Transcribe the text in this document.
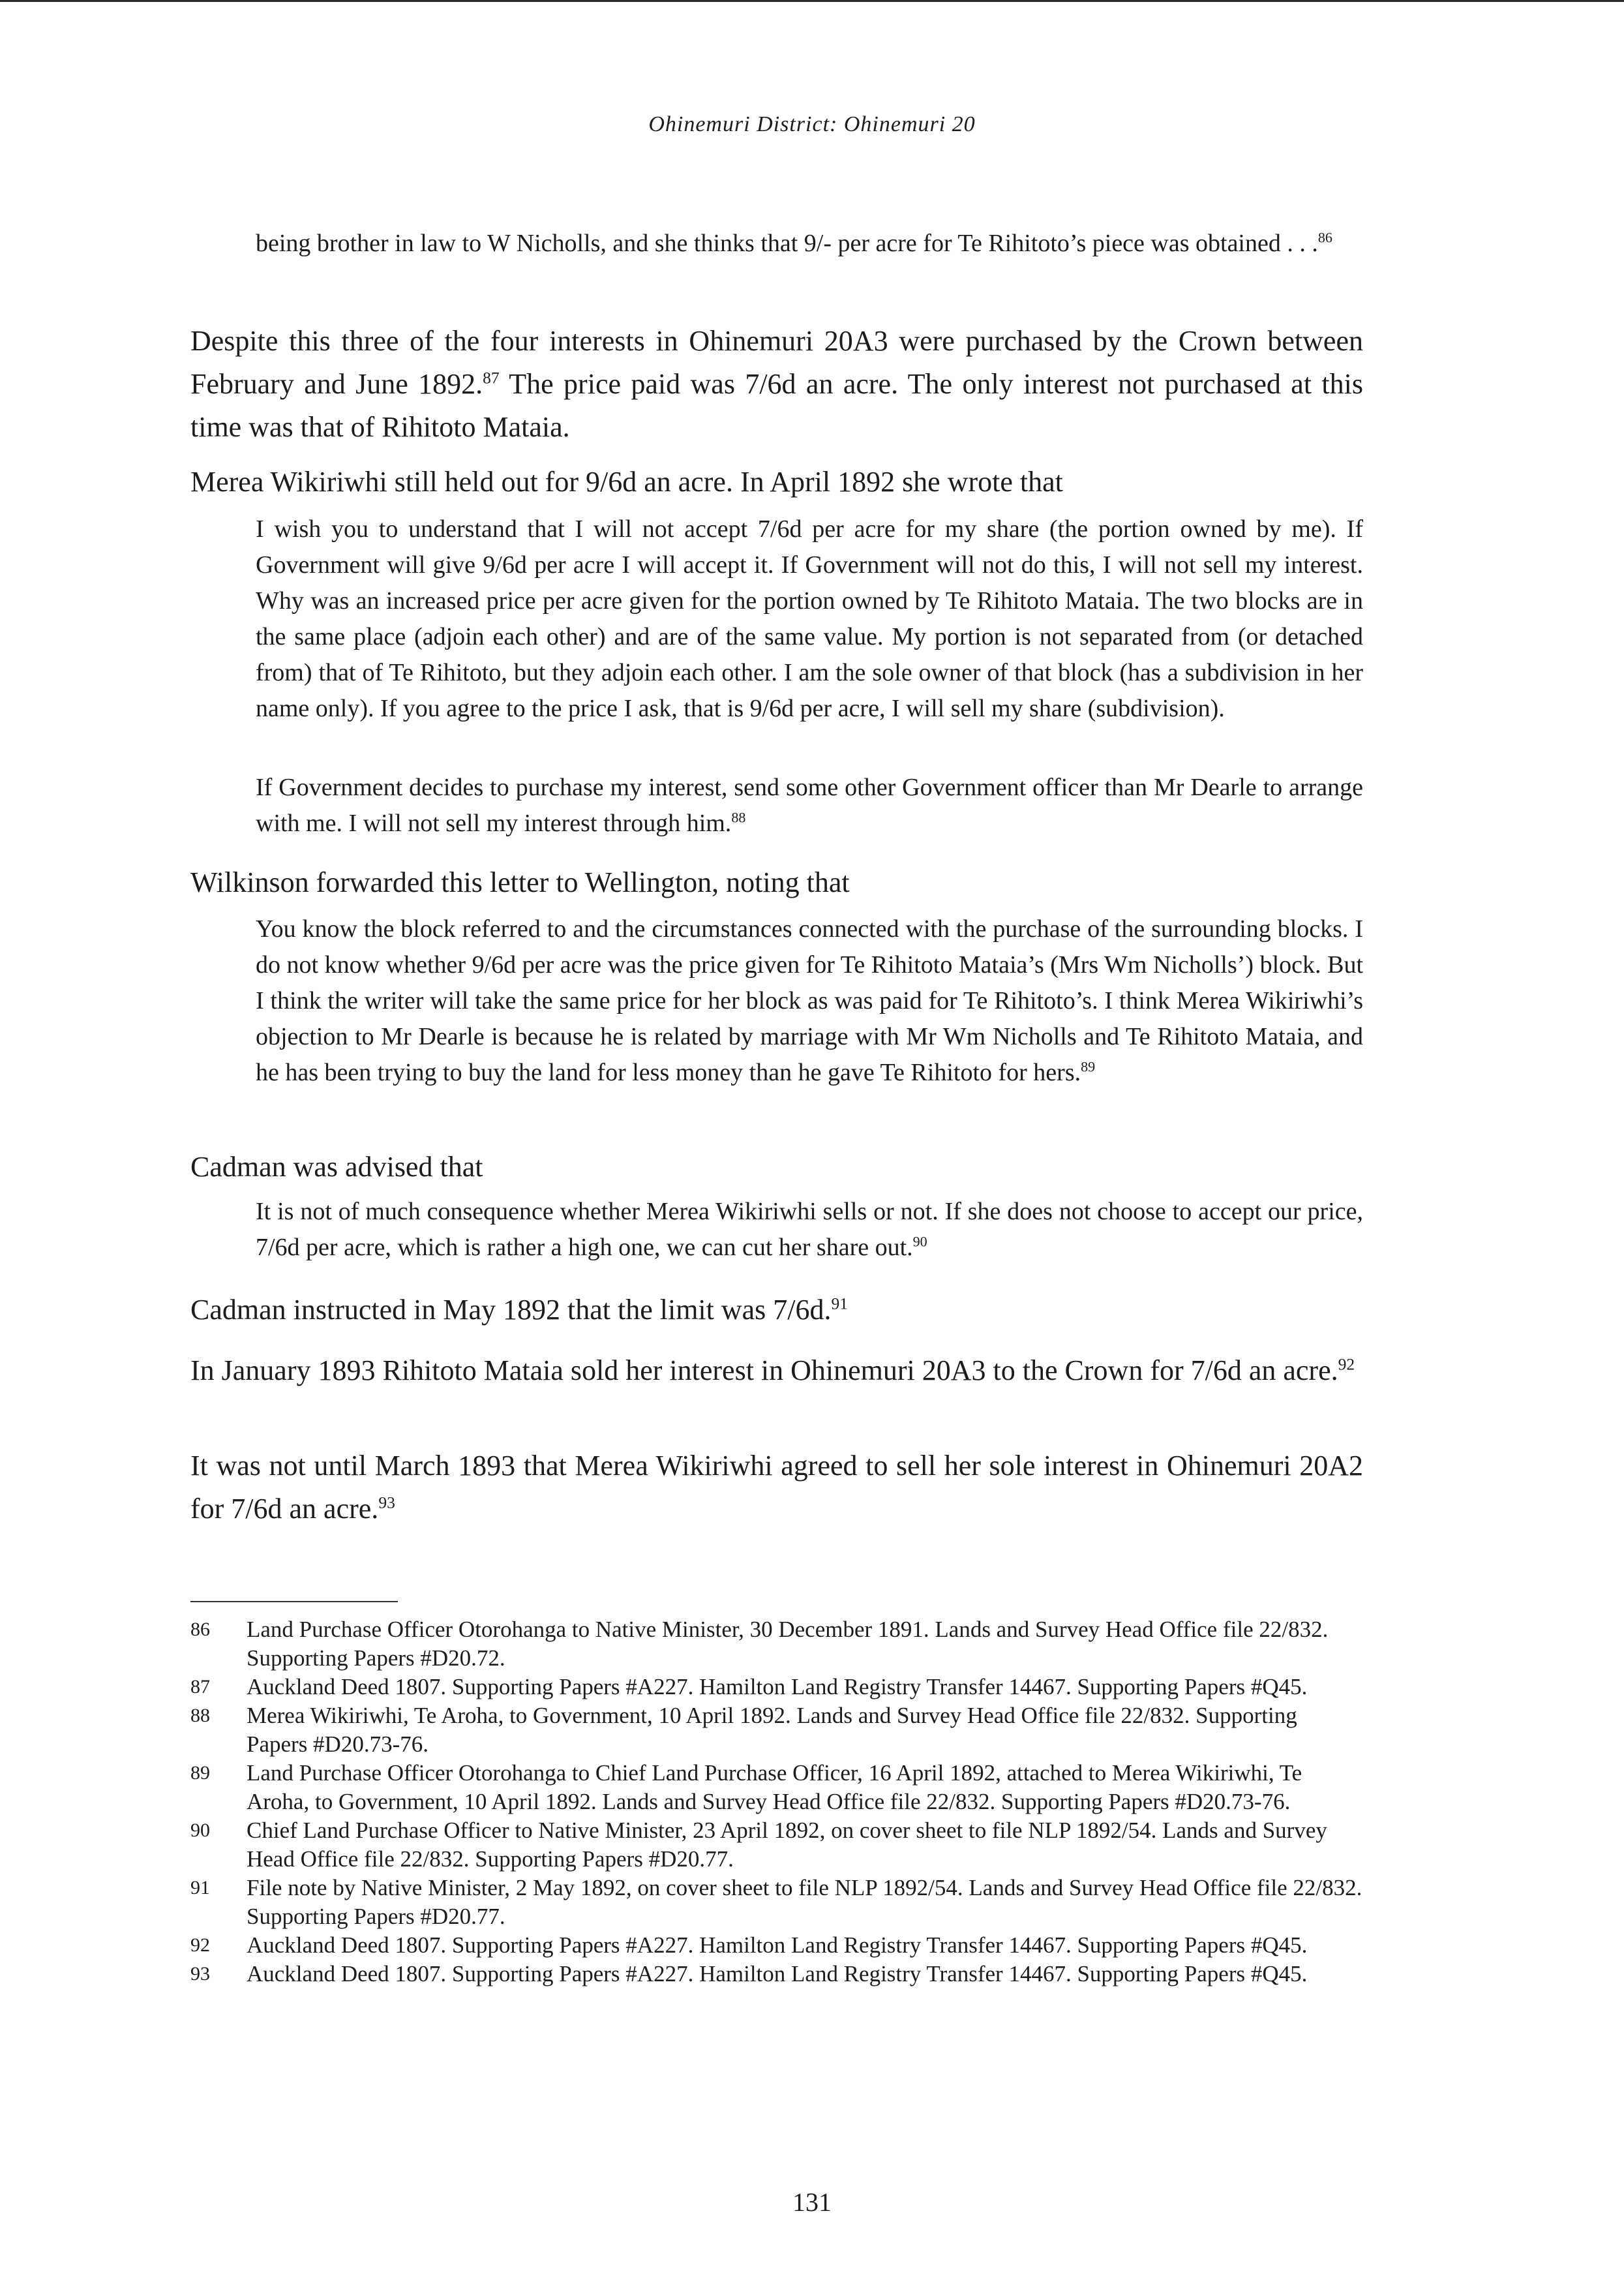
Ohinemuri District: Ohinemuri 20

being brother in law to W Nicholls, and she thinks that 9/- per acre for Te Rihitoto’s piece was obtained . . .$^{86}$

Despite this three of the four interests in Ohinemuri 20A3 were purchased by the Crown between February and June 1892.87 The price paid was 7/6d an acre. The only interest not purchased at this time was that of Rihitoto Mataia.

Merea Wikiriwhi still held out for 9/6d an acre. In April 1892 she wrote that

I wish you to understand that I will not accept 7/6d per acre for my share (the portion owned by me). If Government will give 9/6d per acre I will accept it. If Government will not do this, I will not sell my interest. Why was an increased price per acre given for the portion owned by Te Rihitoto Mataia. The two blocks are in the same place (adjoin each other) and are of the same value. My portion is not separated from (or detached from) that of Te Rihitoto, but they adjoin each other. I am the sole owner of that block (has a subdivision in her name only). If you agree to the price I ask, that is 9/6d per acre, I will sell my share (subdivision).

If Government decides to purchase my interest, send some other Government officer than Mr Dearle to arrange with me. I will not sell my interest through him.$^{88}$

Wilkinson forwarded this letter to Wellington, noting that

You know the block referred to and the circumstances connected with the purchase of the surrounding blocks. I do not know whether 9/6d per acre was the price given for Te Rihitoto Mataia’s (Mrs Wm Nicholls’) block. But I think the writer will take the same price for her block as was paid for Te Rihitoto’s. I think Merea Wikiriwhi’s objection to Mr Dearle is because he is related by marriage with Mr Wm Nicholls and Te Rihitoto Mataia, and he has been trying to buy the land for less money than he gave Te Rihitoto for hers.$^{89}$

Cadman was advised that

It is not of much consequence whether Merea Wikiriwhi sells or not. If she does not choose to accept our price, 7/6d per acre, which is rather a high one, we can cut her share out.$^{90}$

Cadman instructed in May 1892 that the limit was 7/6d.$^{91}$

In January 1893 Rihitoto Mataia sold her interest in Ohinemuri 20A3 to the Crown for 7/6d an acre.$^{92}$

It was not until March 1893 that Merea Wikiriwhi agreed to sell her sole interest in Ohinemuri 20A2 for 7/6d an acre.$^{93}$

86 Land Purchase Officer Otorohanga to Native Minister, 30 December 1891. Lands and Survey Head Office file 22/832. Supporting Papers #D20.72.

87 Auckland Deed 1807. Supporting Papers #A227. Hamilton Land Registry Transfer 14467. Supporting Papers #Q45.

88 Merea Wikiriwhi, Te Aroha, to Government, 10 April 1892. Lands and Survey Head Office file 22/832. Supporting Papers #D20.73-76.

89 Land Purchase Officer Otorohanga to Chief Land Purchase Officer, 16 April 1892, attached to Merea Wikiriwhi, Te Aroha, to Government, 10 April 1892. Lands and Survey Head Office file 22/832. Supporting Papers #D20.73-76.

90 Chief Land Purchase Officer to Native Minister, 23 April 1892, on cover sheet to file NLP 1892/54. Lands and Survey Head Office file 22/832. Supporting Papers #D20.77.

91 File note by Native Minister, 2 May 1892, on cover sheet to file NLP 1892/54. Lands and Survey Head Office file 22/832. Supporting Papers #D20.77.

92 Auckland Deed 1807. Supporting Papers #A227. Hamilton Land Registry Transfer 14467. Supporting Papers #Q45.

93 Auckland Deed 1807. Supporting Papers #A227. Hamilton Land Registry Transfer 14467. Supporting Papers #Q45.

131
